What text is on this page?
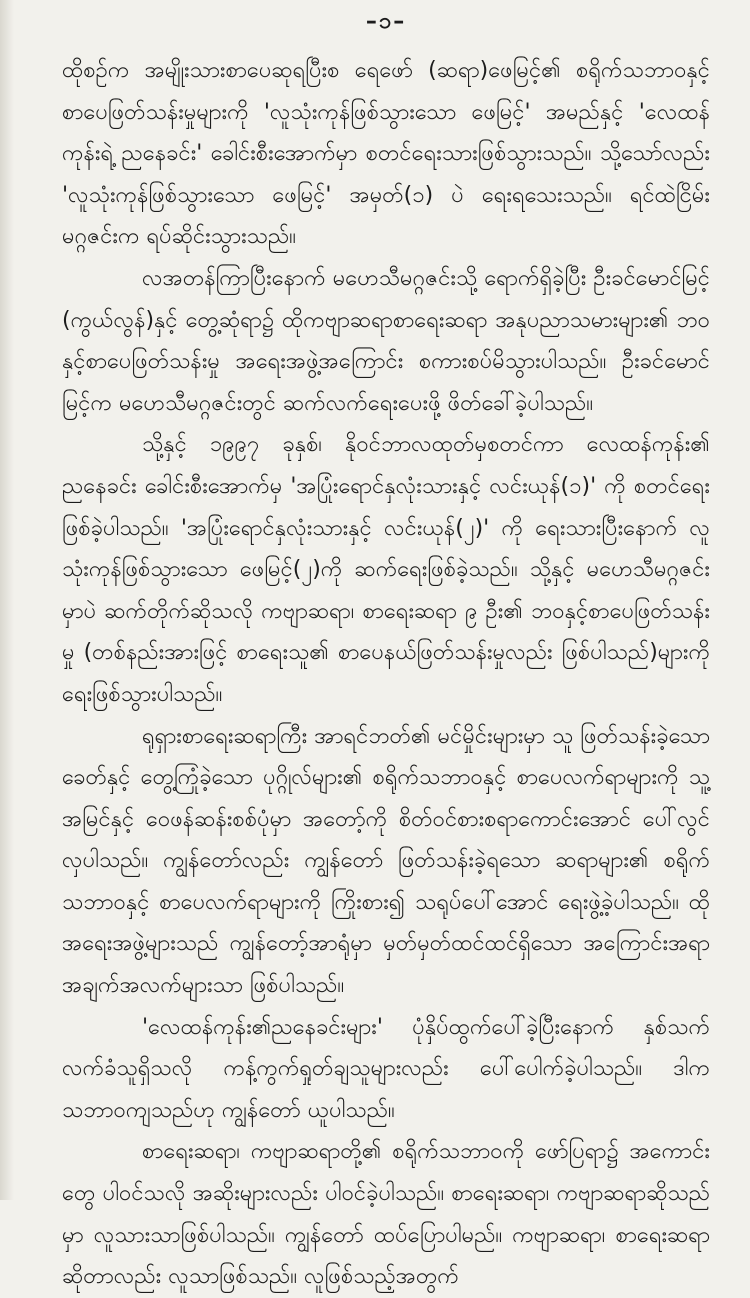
–၁–

ထိုစဥ်က အမျိုးသားစာပေဆုရပြီးစ ရေဖော် (ဆရာ)ဖေမြင့်၏ စရိုက်သဘာဝနှင့် စာပေဖြတ်သန်းမှုများကို 'လူသုံးကုန်ဖြစ်သွားသော ဖေမြင့်' အမည်နှင့် 'လေထန်ကုန်းရဲ့ ညနေခင်း' ခေါင်းစီးအောက်မှာ စတင်ရေးသားဖြစ်သွားသည်။ သို့သော်လည်း 'လူသုံးကုန်ဖြစ်သွားသော ဖေမြင့်' အမှတ်(၁) ပဲ ရေးရသေးသည်။ ရင်ထဲငြိမ်းမဂ္ဂဇင်းက ရပ်ဆိုင်းသွားသည်။

လအတန်ကြာပြီးနောက် မဟေသီမဂ္ဂဇင်းသို့ ရောက်ရှိခဲ့ပြီး ဦးခင်မောင်မြင့် (ကွယ်လွန်)နှင့် တွေ့ဆုံရာ၌ ထိုကဗျာဆရာစာရေးဆရာ အနုပညာသမားများ၏ ဘဝနှင့်စာပေဖြတ်သန်းမှု အရေးအဖွဲ့အကြောင်း စကားစပ်မိသွားပါသည်။ ဦးခင်မောင်မြင့်က မဟေသီမဂ္ဂဇင်းတွင် ဆက်လက်ရေးပေးဖို့ ဖိတ်ခေါ်ခဲ့ပါသည်။

သို့နှင့် ၁၉၉၇ ခုနှစ်၊ နိုဝင်ဘာလထုတ်မှစတင်ကာ လေထန်ကုန်း၏ ညနေခင်း ခေါင်းစီးအောက်မှ 'အပြုံးရောင်နှလုံးသားနှင့် လင်းယုန်(၁)' ကို စတင်ရေးဖြစ်ခဲ့ပါသည်။ 'အပြုံးရောင်နှလုံးသားနှင့် လင်းယုန်(၂)' ကို ရေးသားပြီးနောက် လူသုံးကုန်ဖြစ်သွားသော ဖေမြင့်(၂)ကို ဆက်ရေးဖြစ်ခဲ့သည်။ သို့နှင့် မဟေသီမဂ္ဂဇင်းမှာပဲ ဆက်တိုက်ဆိုသလို ကဗျာဆရာ၊ စာရေးဆရာ ၉ ဦး၏ ဘဝနှင့်စာပေဖြတ်သန်းမှု (တစ်နည်းအားဖြင့် စာရေးသူ၏ စာပေနယ်ဖြတ်သန်းမှုလည်း ဖြစ်ပါသည်)များကို ရေးဖြစ်သွားပါသည်။

ရုရှားစာရေးဆရာကြီး အာရင်ဘတ်၏ မင်မှိုင်းများမှာ သူ ဖြတ်သန်းခဲ့သော ခေတ်နှင့် တွေ့ကြုံခဲ့သော ပုဂ္ဂိုလ်များ၏ စရိုက်သဘာဝနှင့် စာပေလက်ရာများကို သူ့အမြင်နှင့် ဝေဖန်ဆန်းစစ်ပုံမှာ အတော့်ကို စိတ်ဝင်စားစရာကောင်းအောင် ပေါ်လွင်လှပါသည်။ ကျွန်တော်လည်း ကျွန်တော် ဖြတ်သန်းခဲ့ရသော ဆရာများ၏ စရိုက်သဘာဝနှင့် စာပေလက်ရာများကို ကြိုးစား၍ သရုပ်ပေါ်အောင် ရေးဖွဲ့ခဲ့ပါသည်။ ထိုအရေးအဖွဲ့များသည် ကျွန်တော့်အာရုံမှာ မှတ်မှတ်ထင်ထင်ရှိသော အကြောင်းအရာအချက်အလက်များသာ ဖြစ်ပါသည်။

'လေထန်ကုန်း၏ညနေခင်းများ' ပုံနှိပ်ထွက်ပေါ်ခဲ့ပြီးနောက် နှစ်သက်လက်ခံသူရှိသလို ကန့်ကွက်ရှုတ်ချသူများလည်း ပေါ်ပေါက်ခဲ့ပါသည်။ ဒါက သဘာဝကျသည်ဟု ကျွန်တော် ယူပါသည်။

စာရေးဆရာ၊ ကဗျာဆရာတို့၏ စရိုက်သဘာဝကို ဖော်ပြရာ၌ အကောင်းတွေ ပါဝင်သလို အဆိုးများလည်း ပါဝင်ခဲ့ပါသည်။ စာရေးဆရာ၊ ကဗျာဆရာဆိုသည်မှာ လူသားသာဖြစ်ပါသည်။ ကျွန်တော် ထပ်ပြောပါမည်။ ကဗျာဆရာ၊ စာရေးဆရာဆိုတာလည်း လူသာဖြစ်သည်။ လူဖြစ်သည့်အတွက်
